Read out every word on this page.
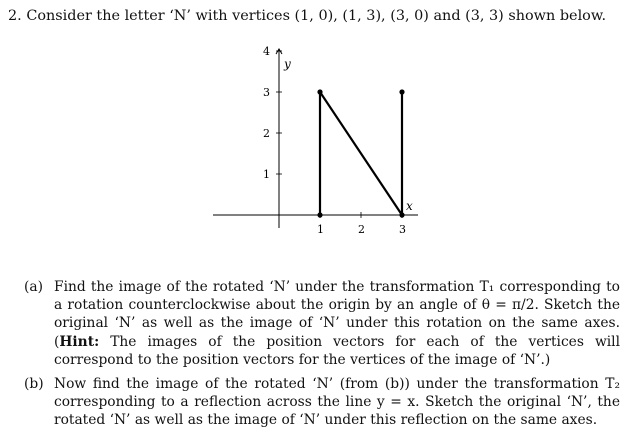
2. Consider the letter ‘N’ with vertices (1, 0), (1, 3), (3, 0) and (3, 3) shown below.
1	2	3
1
2
3
4
x
y
(a) Find the image of the rotated ‘N’ under the transformation T₁ corresponding to a rotation counterclockwise about the origin by an angle of θ = π/2. Sketch the original ‘N’ as well as the image of ‘N’ under this rotation on the same axes. (Hint: The images of the position vectors for each of the vertices will correspond to the position vectors for the vertices of the image of ‘N’.)
(b) Now find the image of the rotated ‘N’ (from (b)) under the transformation T₂ corresponding to a reflection across the line y = x. Sketch the original ‘N’, the rotated ‘N’ as well as the image of ‘N’ under this reflection on the same axes.
